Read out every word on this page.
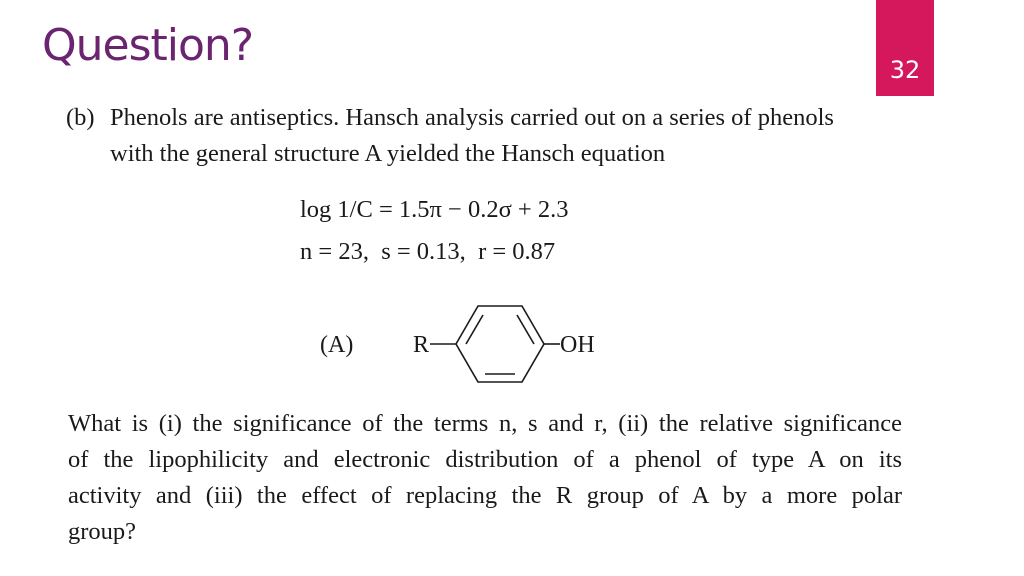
Question?	32
(b) Phenols are antiseptics. Hansch analysis carried out on a series of phenols
with the general structure A yielded the Hansch equation
log 1/C = 1.5π − 0.2σ + 2.3
n = 23, s = 0.13, r = 0.87
(A) R	OH
What is (i) the significance of the terms n, s and r, (ii) the relative significance
of the lipophilicity and electronic distribution of a phenol of type A on its
activity and (iii) the effect of replacing the R group of A by a more polar
group?
